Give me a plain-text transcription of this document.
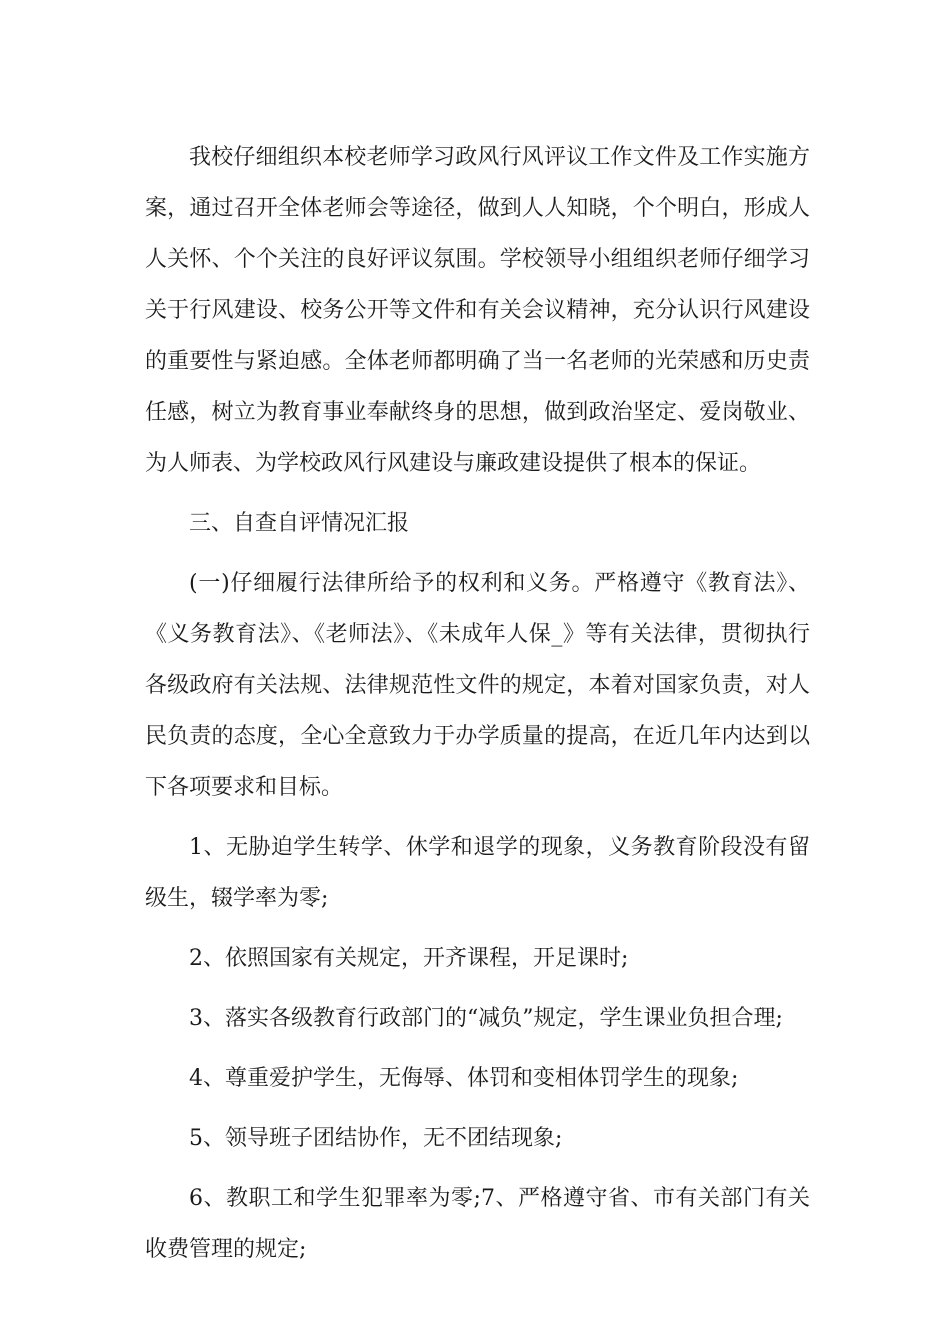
我校仔细组织本校老师学习政风行风评议工作文件及工作实施方案，通过召开全体老师会等途径，做到人人知晓，个个明白，形成人人关怀、个个关注的良好评议氛围。学校领导小组组织老师仔细学习关于行风建设、校务公开等文件和有关会议精神，充分认识行风建设的重要性与紧迫感。全体老师都明确了当一名老师的光荣感和历史责任感，树立为教育事业奉献终身的思想，做到政治坚定、爱岗敬业、为人师表、为学校政风行风建设与廉政建设提供了根本的保证。

三、自查自评情况汇报

(一)仔细履行法律所给予的权利和义务。严格遵守《教育法》、《义务教育法》、《老师法》、《未成年人保_》等有关法律，贯彻执行各级政府有关法规、法律规范性文件的规定，本着对国家负责，对人民负责的态度，全心全意致力于办学质量的提高，在近几年内达到以下各项要求和目标。

1、无胁迫学生转学、休学和退学的现象，义务教育阶段没有留级生，辍学率为零;

2、依照国家有关规定，开齐课程，开足课时;

3、落实各级教育行政部门的“减负”规定，学生课业负担合理;

4、尊重爱护学生，无侮辱、体罚和变相体罚学生的现象;

5、领导班子团结协作，无不团结现象;

6、教职工和学生犯罪率为零;7、严格遵守省、市有关部门有关收费管理的规定;
